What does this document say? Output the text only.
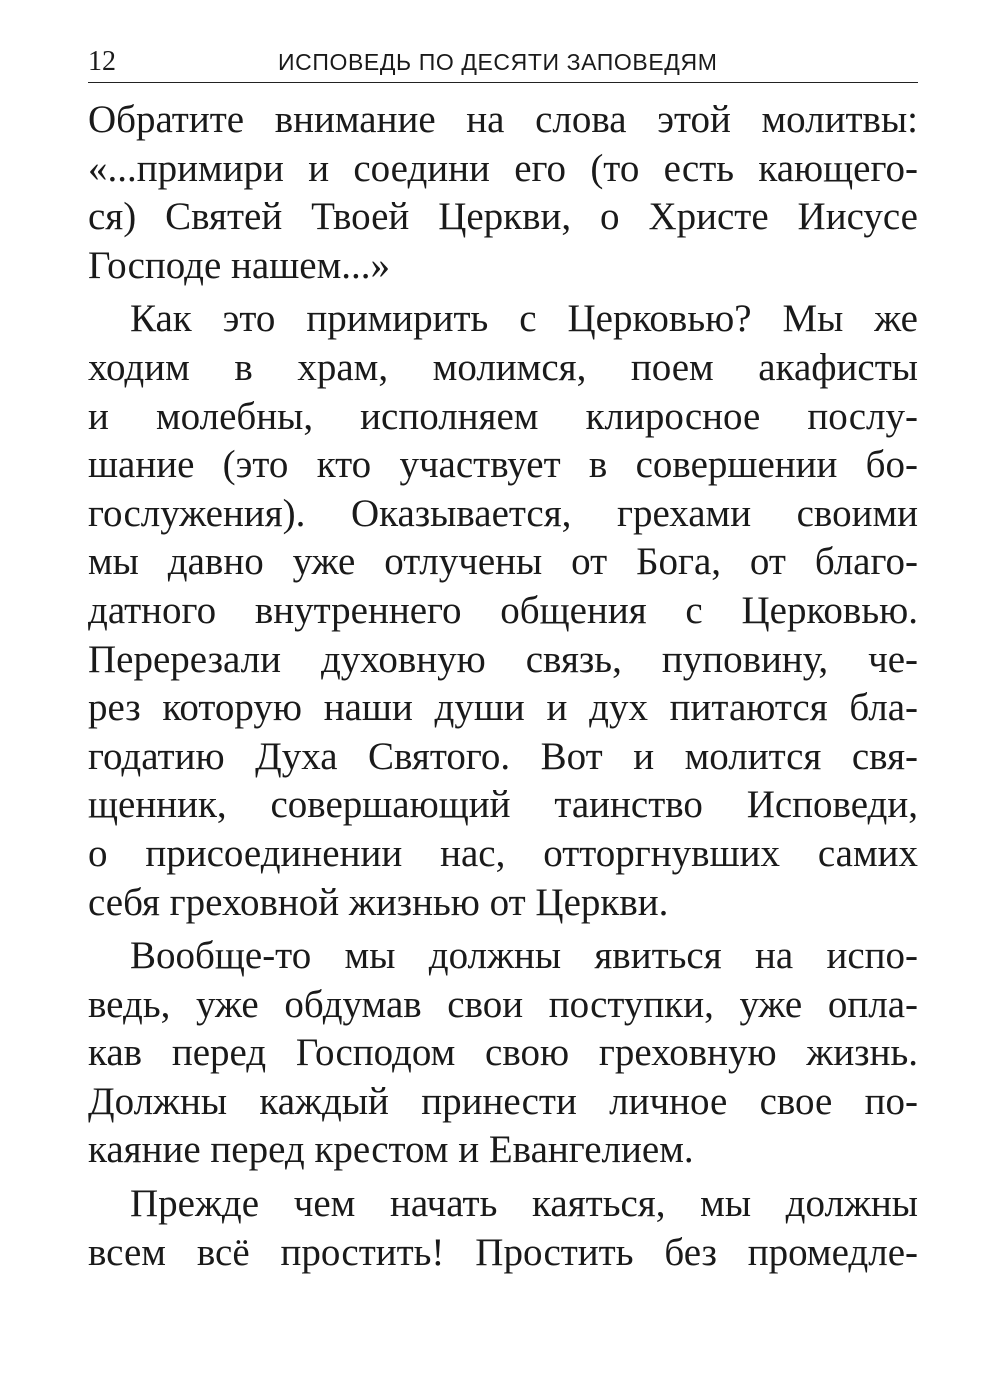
12	ИСПОВЕДЬ ПО ДЕСЯТИ ЗАПОВЕДЯМ
Обратите внимание на слова этой молитвы:
«...примири и соедини его (то есть кающего-
ся) Святей Твоей Церкви, о Христе Иисусе
Господе нашем...»
Как это примирить с Церковью? Мы же
ходим в храм, молимся, поем акафисты
и молебны, исполняем клиросное послу-
шание (это кто участвует в совершении бо-
гослужения). Оказывается, грехами своими
мы давно уже отлучены от Бога, от благо-
датного внутреннего общения с Церковью.
Перерезали духовную связь, пуповину, че-
рез которую наши души и дух питаются бла-
годатию Духа Святого. Вот и молится свя-
щенник, совершающий таинство Исповеди,
о присоединении нас, отторгнувших самих
себя греховной жизнью от Церкви.
Вообще-то мы должны явиться на испо-
ведь, уже обдумав свои поступки, уже опла-
кав перед Господом свою греховную жизнь.
Должны каждый принести личное свое по-
каяние перед крестом и Евангелием.
Прежде чем начать каяться, мы должны
всем всё простить! Простить без промедле-
